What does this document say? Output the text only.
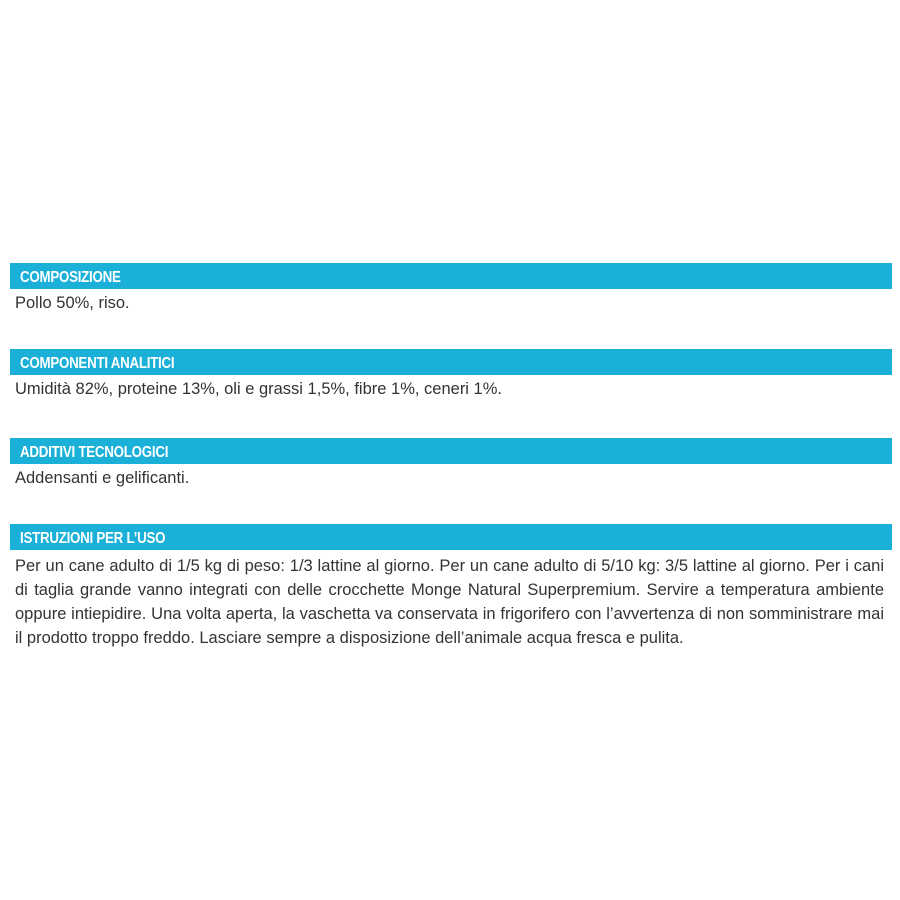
COMPOSIZIONE
Pollo 50%, riso.
COMPONENTI ANALITICI
Umidità 82%, proteine 13%, oli e grassi 1,5%, fibre 1%, ceneri 1%.
ADDITIVI TECNOLOGICI
Addensanti e gelificanti.
ISTRUZIONI PER L’USO
Per un cane adulto di 1/5 kg di peso: 1/3 lattine al giorno. Per un cane adulto di 5/10 kg: 3/5 lattine al giorno. Per i cani di taglia grande vanno integrati con delle crocchette Monge Natural Superpremium. Servire a temperatura ambiente oppure intiepidire. Una volta aperta, la vaschetta va conservata in frigorifero con l’avvertenza di non somministrare mai il prodotto troppo freddo. Lasciare sempre a disposizione dell’animale acqua fresca e pulita.
